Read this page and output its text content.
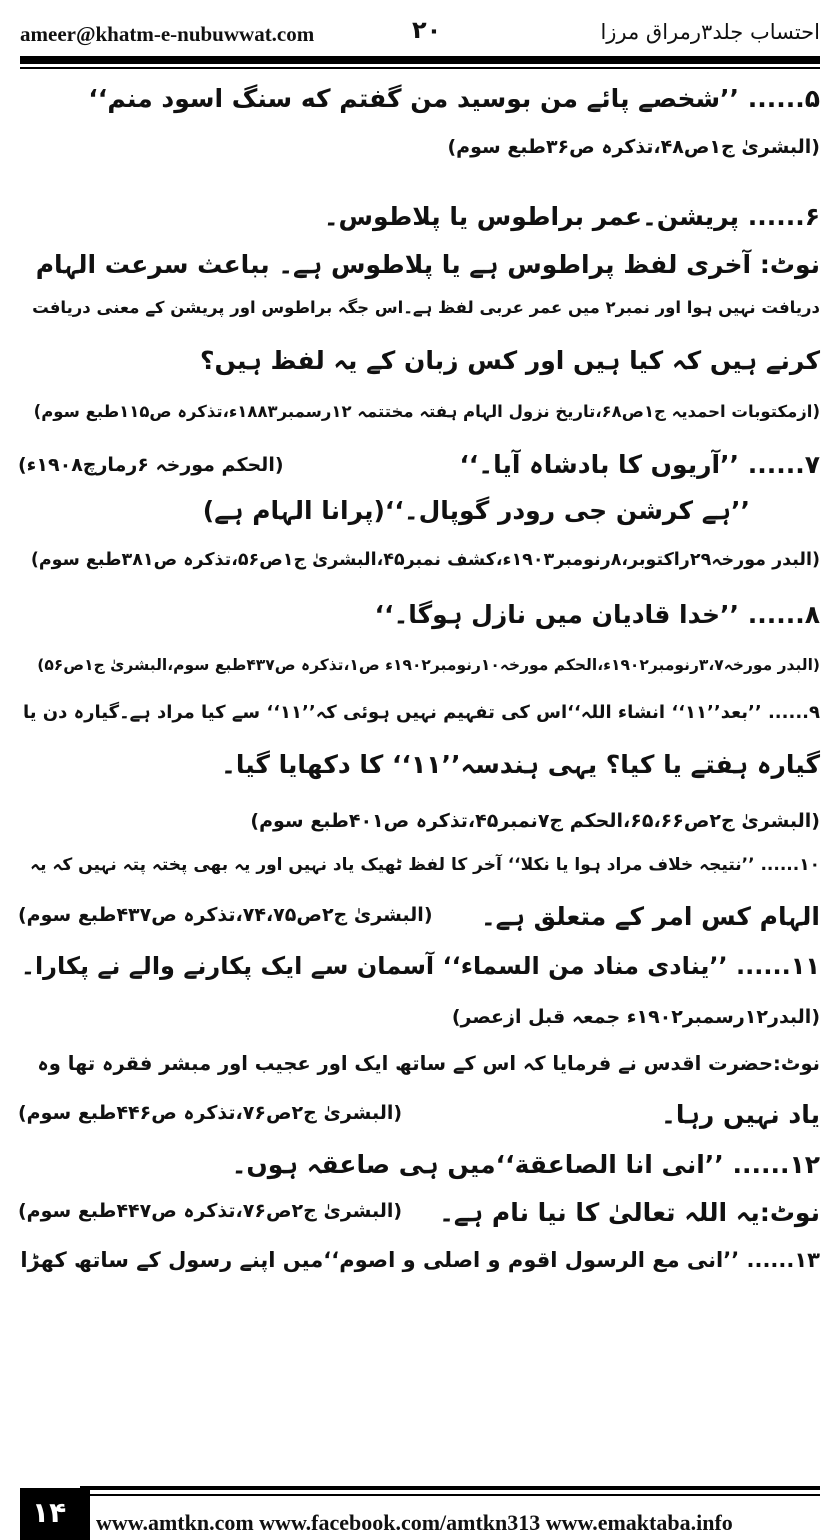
ameer@khatm-e-nubuwwat.com	۲۰	احتساب جلد۳رمراق مرزا
۵...... ’’شخصے پائے من بوسید من گفتم که سنگ اسود منم‘‘
(البشریٰ ج۱ص۴۸،تذکرہ ص۳۶طبع سوم)
۶...... پریشن۔عمر براطوس یا پلاطوس۔
نوٹ: آخری لفظ پراطوس ہے یا پلاطوس ہے۔ بباعث سرعت الہام
دریافت نہیں ہوا اور نمبر۲ میں عمر عربی لفظ ہے۔اس جگہ براطوس اور پریشن کے معنی دریافت
کرنے ہیں کہ کیا ہیں اور کس زبان کے یہ لفظ ہیں؟
(ازمکتوبات احمدیہ ج۱ص۶۸،تاریخ نزول الہام ہفتہ مختتمہ ۱۲رسمبر۱۸۸۳ء،تذکرہ ص۱۱۵طبع سوم)
۷...... ’’آریوں کا بادشاہ آیا۔‘‘
(الحکم مورخہ ۶رمارچ۱۹۰۸ء)
’’ہے کرشن جی رودر گوپال۔‘‘(پرانا الہام ہے)
(البدر مورخہ۲۹راکتوبر،۸رنومبر۱۹۰۳ء،کشف نمبر۴۵،البشریٰ ج۱ص۵۶،تذکرہ ص۳۸۱طبع سوم)
۸...... ’’خدا قادیان میں نازل ہوگا۔‘‘
(البدر مورخہ۳،۷رنومبر۱۹۰۲ء،الحکم مورخہ۱۰رنومبر۱۹۰۲ء ص۱،تذکرہ ص۴۳۷طبع سوم،البشریٰ ج۱ص۵۶)
۹...... ’’بعد’’۱۱‘‘ انشاء اللہ‘‘اس کی تفہیم نہیں ہوئی کہ’’۱۱‘‘ سے کیا مراد ہے۔گیارہ دن یا
گیارہ ہفتے یا کیا؟ یہی ہندسہ’’۱۱‘‘ کا دکھایا گیا۔
(البشریٰ ج۲ص۶۵،۶۶،الحکم ج۷نمبر۴۵،تذکرہ ص۴۰۱طبع سوم)
۱۰...... ’’نتیجہ خلاف مراد ہوا یا نکلا‘‘ آخر کا لفظ ٹھیک یاد نہیں اور یہ بھی پختہ پتہ نہیں کہ یہ
الہام کس امر کے متعلق ہے۔
(البشریٰ ج۲ص۷۴،۷۵،تذکرہ ص۴۳۷طبع سوم)
۱۱...... ’’ینادی مناد من السماء‘‘ آسمان سے ایک پکارنے والے نے پکارا۔
(البدر۱۲رسمبر۱۹۰۲ء جمعہ قبل ازعصر)
نوٹ:حضرت اقدس نے فرمایا کہ اس کے ساتھ ایک اور عجیب اور مبشر فقرہ تھا وہ
یاد نہیں رہا۔
(البشریٰ ج۲ص۷۶،تذکرہ ص۴۴۶طبع سوم)
۱۲...... ’’انی انا الصاعقة‘‘میں ہی صاعقہ ہوں۔
نوٹ:یہ اللہ تعالیٰ کا نیا نام ہے۔
(البشریٰ ج۲ص۷۶،تذکرہ ص۴۴۷طبع سوم)
۱۳...... ’’انی مع الرسول اقوم و اصلی و اصوم‘‘میں اپنے رسول کے ساتھ کھڑا
۱۴	www.amtkn.com www.facebook.com/amtkn313 www.emaktaba.info
